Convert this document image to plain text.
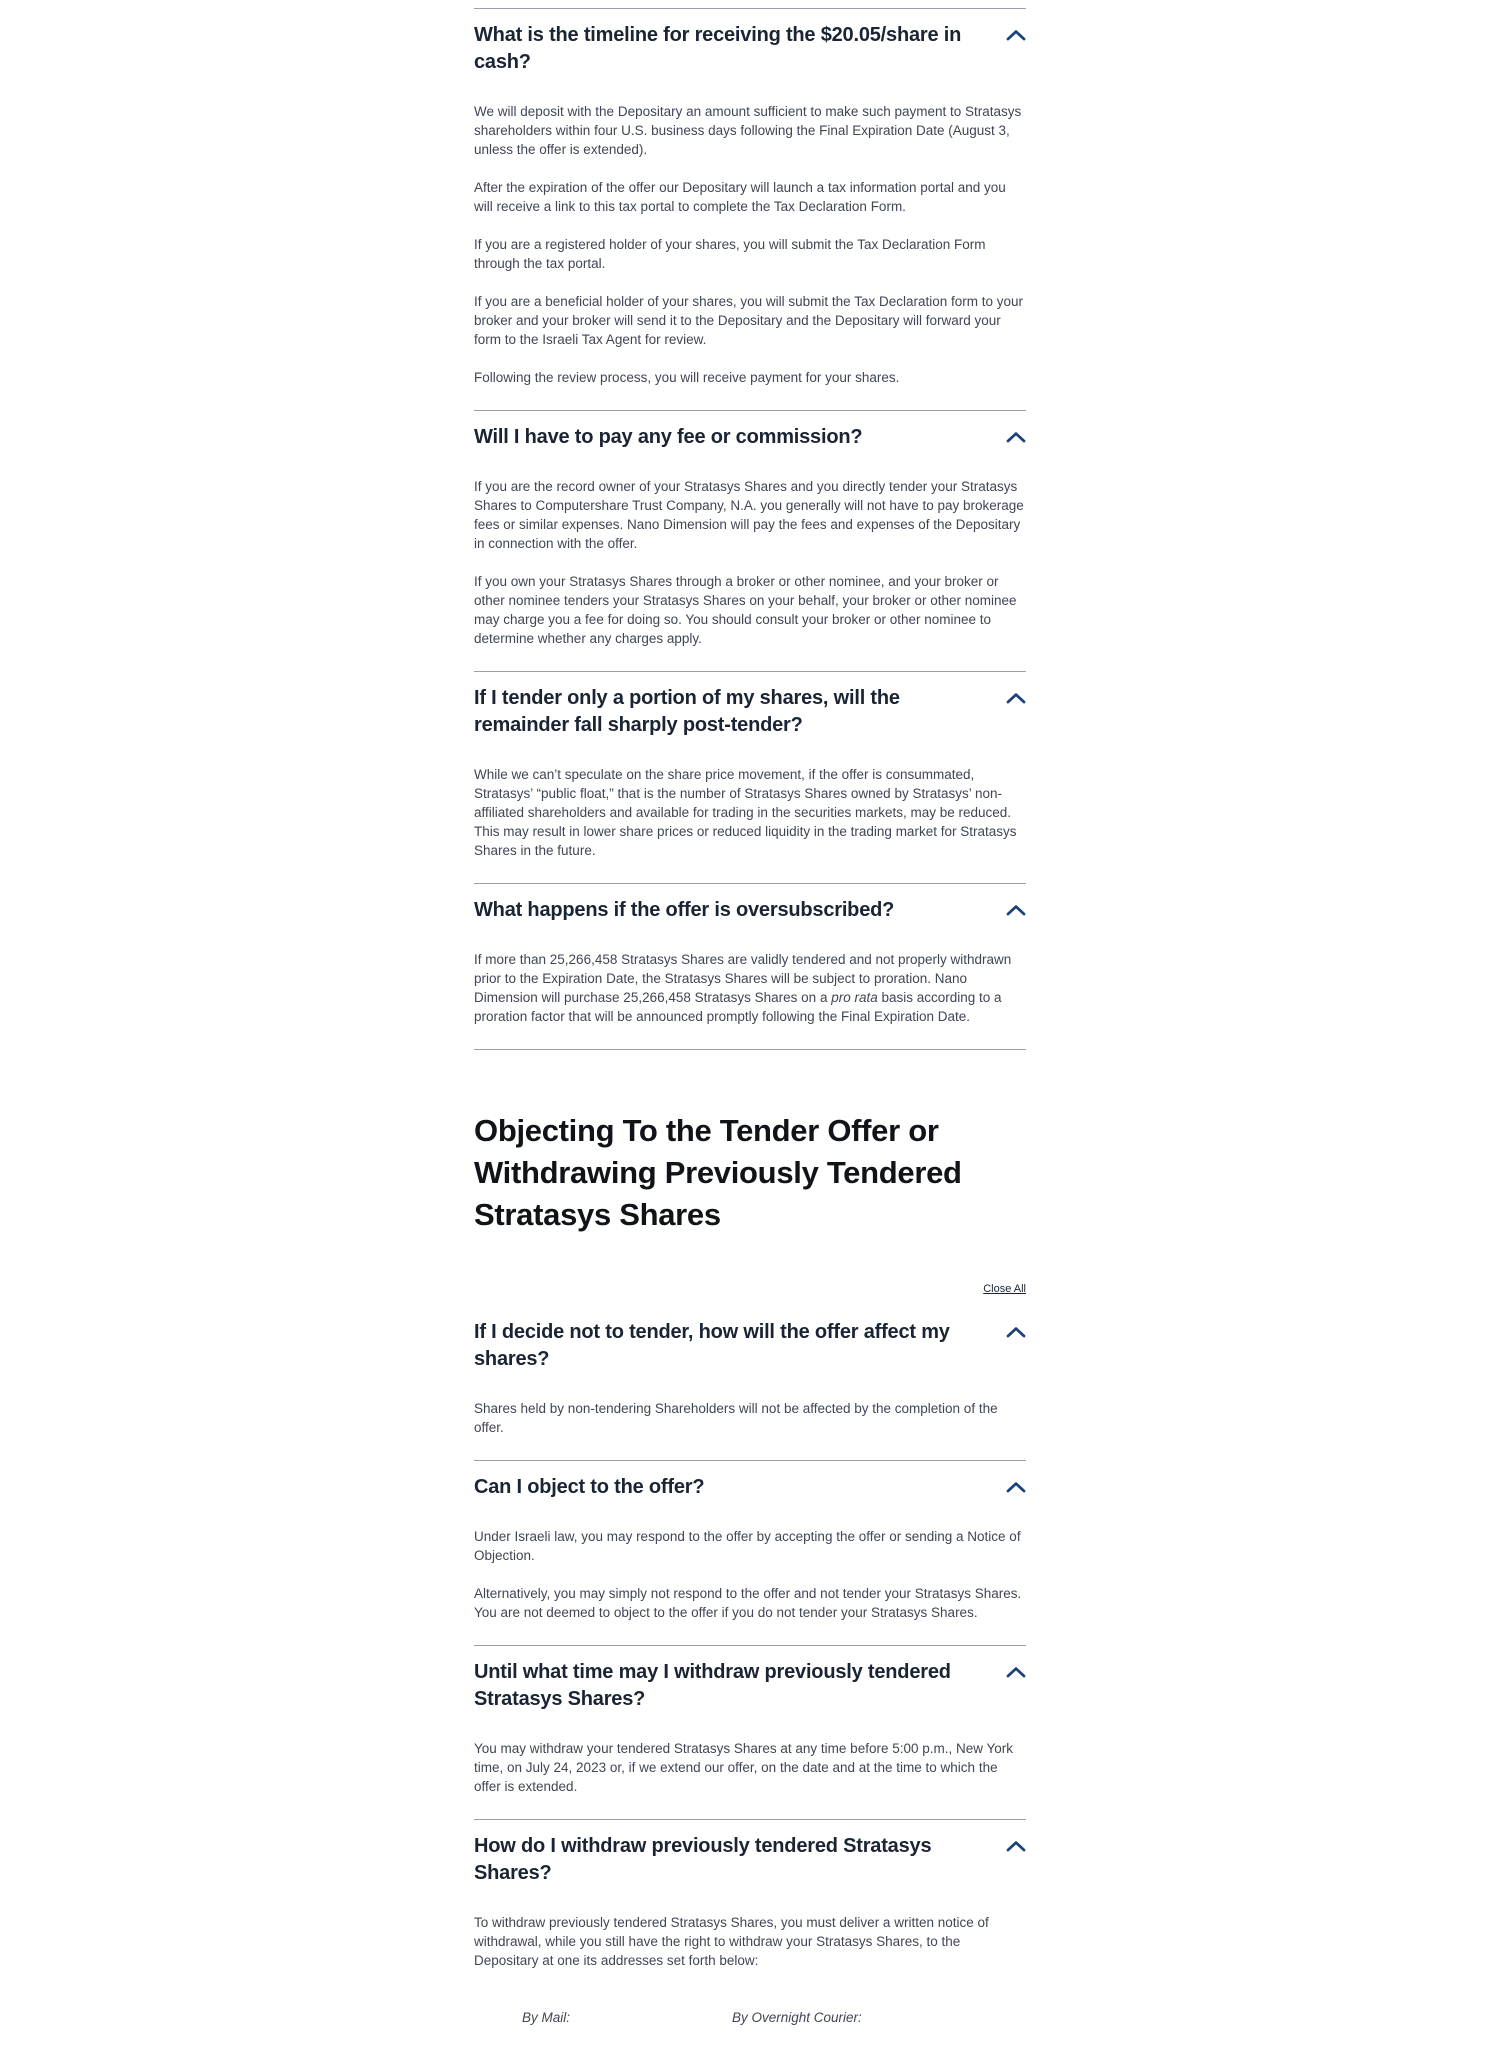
What is the timeline for receiving the $20.05/share in cash?

We will deposit with the Depositary an amount sufficient to make such payment to Stratasys shareholders within four U.S. business days following the Final Expiration Date (August 3, unless the offer is extended).

After the expiration of the offer our Depositary will launch a tax information portal and you will receive a link to this tax portal to complete the Tax Declaration Form.

If you are a registered holder of your shares, you will submit the Tax Declaration Form through the tax portal.

If you are a beneficial holder of your shares, you will submit the Tax Declaration form to your broker and your broker will send it to the Depositary and the Depositary will forward your form to the Israeli Tax Agent for review.

Following the review process, you will receive payment for your shares.

Will I have to pay any fee or commission?

If you are the record owner of your Stratasys Shares and you directly tender your Stratasys Shares to Computershare Trust Company, N.A. you generally will not have to pay brokerage fees or similar expenses. Nano Dimension will pay the fees and expenses of the Depositary in connection with the offer.

If you own your Stratasys Shares through a broker or other nominee, and your broker or other nominee tenders your Stratasys Shares on your behalf, your broker or other nominee may charge you a fee for doing so. You should consult your broker or other nominee to determine whether any charges apply.

If I tender only a portion of my shares, will the remainder fall sharply post-tender?

While we can’t speculate on the share price movement, if the offer is consummated, Stratasys’ “public float,” that is the number of Stratasys Shares owned by Stratasys’ non-affiliated shareholders and available for trading in the securities markets, may be reduced. This may result in lower share prices or reduced liquidity in the trading market for Stratasys Shares in the future.

What happens if the offer is oversubscribed?

If more than 25,266,458 Stratasys Shares are validly tendered and not properly withdrawn prior to the Expiration Date, the Stratasys Shares will be subject to proration. Nano Dimension will purchase 25,266,458 Stratasys Shares on a pro rata basis according to a proration factor that will be announced promptly following the Final Expiration Date.

Objecting To the Tender Offer or Withdrawing Previously Tendered Stratasys Shares
Close All
If I decide not to tender, how will the offer affect my shares?

Shares held by non-tendering Shareholders will not be affected by the completion of the offer.

Can I object to the offer?

Under Israeli law, you may respond to the offer by accepting the offer or sending a Notice of Objection.

Alternatively, you may simply not respond to the offer and not tender your Stratasys Shares. You are not deemed to object to the offer if you do not tender your Stratasys Shares.

Until what time may I withdraw previously tendered Stratasys Shares?

You may withdraw your tendered Stratasys Shares at any time before 5:00 p.m., New York time, on July 24, 2023 or, if we extend our offer, on the date and at the time to which the offer is extended.

How do I withdraw previously tendered Stratasys Shares?

To withdraw previously tendered Stratasys Shares, you must deliver a written notice of withdrawal, while you still have the right to withdraw your Stratasys Shares, to the Depositary at one its addresses set forth below:

By Mail:	By Overnight Courier:
